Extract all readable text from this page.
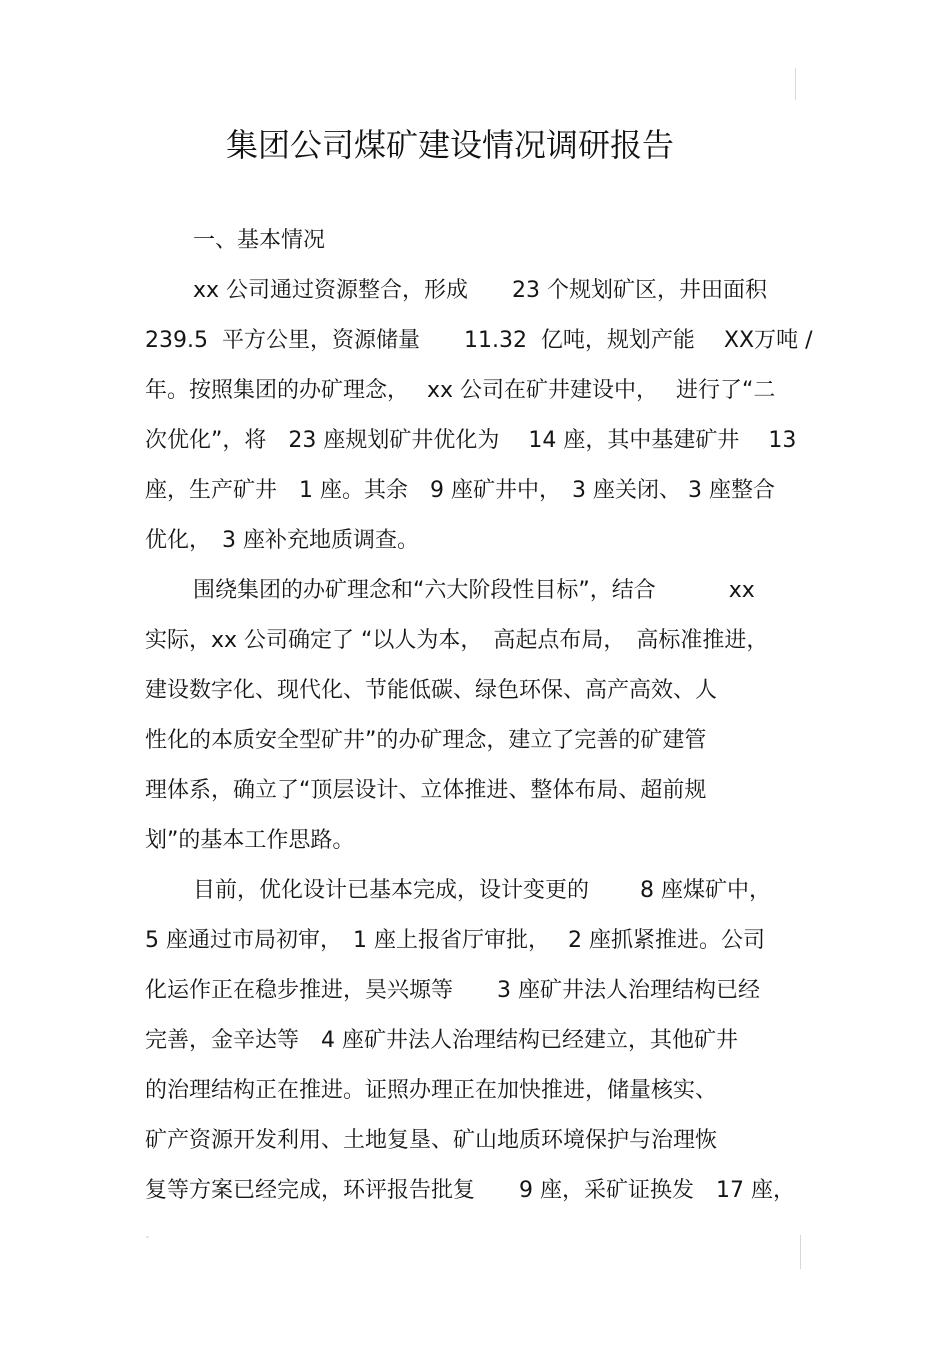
集团公司煤矿建设情况调研报告
一、基本情况
xx 公司通过资源整合，形成　　23 个规划矿区，井田面积
239.5  平方公里，资源储量　　11.32  亿吨，规划产能　 XX万吨 /
年。按照集团的办矿理念，　 xx 公司在矿井建设中，　 进行了“二
次优化”，将　23 座规划矿井优化为　 14 座，其中基建矿井　 13
座，生产矿井　1 座。其余　9 座矿井中，　3 座关闭、 3 座整合
优化，　3 座补充地质调查。
围绕集团的办矿理念和“六大阶段性目标”，结合　　　 xx
实际，xx 公司确定了 “以人为本，　高起点布局，　高标准推进，
建设数字化、现代化、节能低碳、绿色环保、高产高效、人
性化的本质安全型矿井”的办矿理念，建立了完善的矿建管
理体系，确立了“顶层设计、立体推进、整体布局、超前规
划”的基本工作思路。
目前，优化设计已基本完成，设计变更的　　 8 座煤矿中，
5 座通过市局初审，　1 座上报省厅审批，　 2 座抓紧推进。公司
化运作正在稳步推进，昊兴塬等　　3 座矿井法人治理结构已经
完善，金辛达等　4 座矿井法人治理结构已经建立，其他矿井
的治理结构正在推进。证照办理正在加快推进，储量核实、
矿产资源开发利用、土地复垦、矿山地质环境保护与治理恢
复等方案已经完成，环评报告批复　　9 座，采矿证换发　17 座，
